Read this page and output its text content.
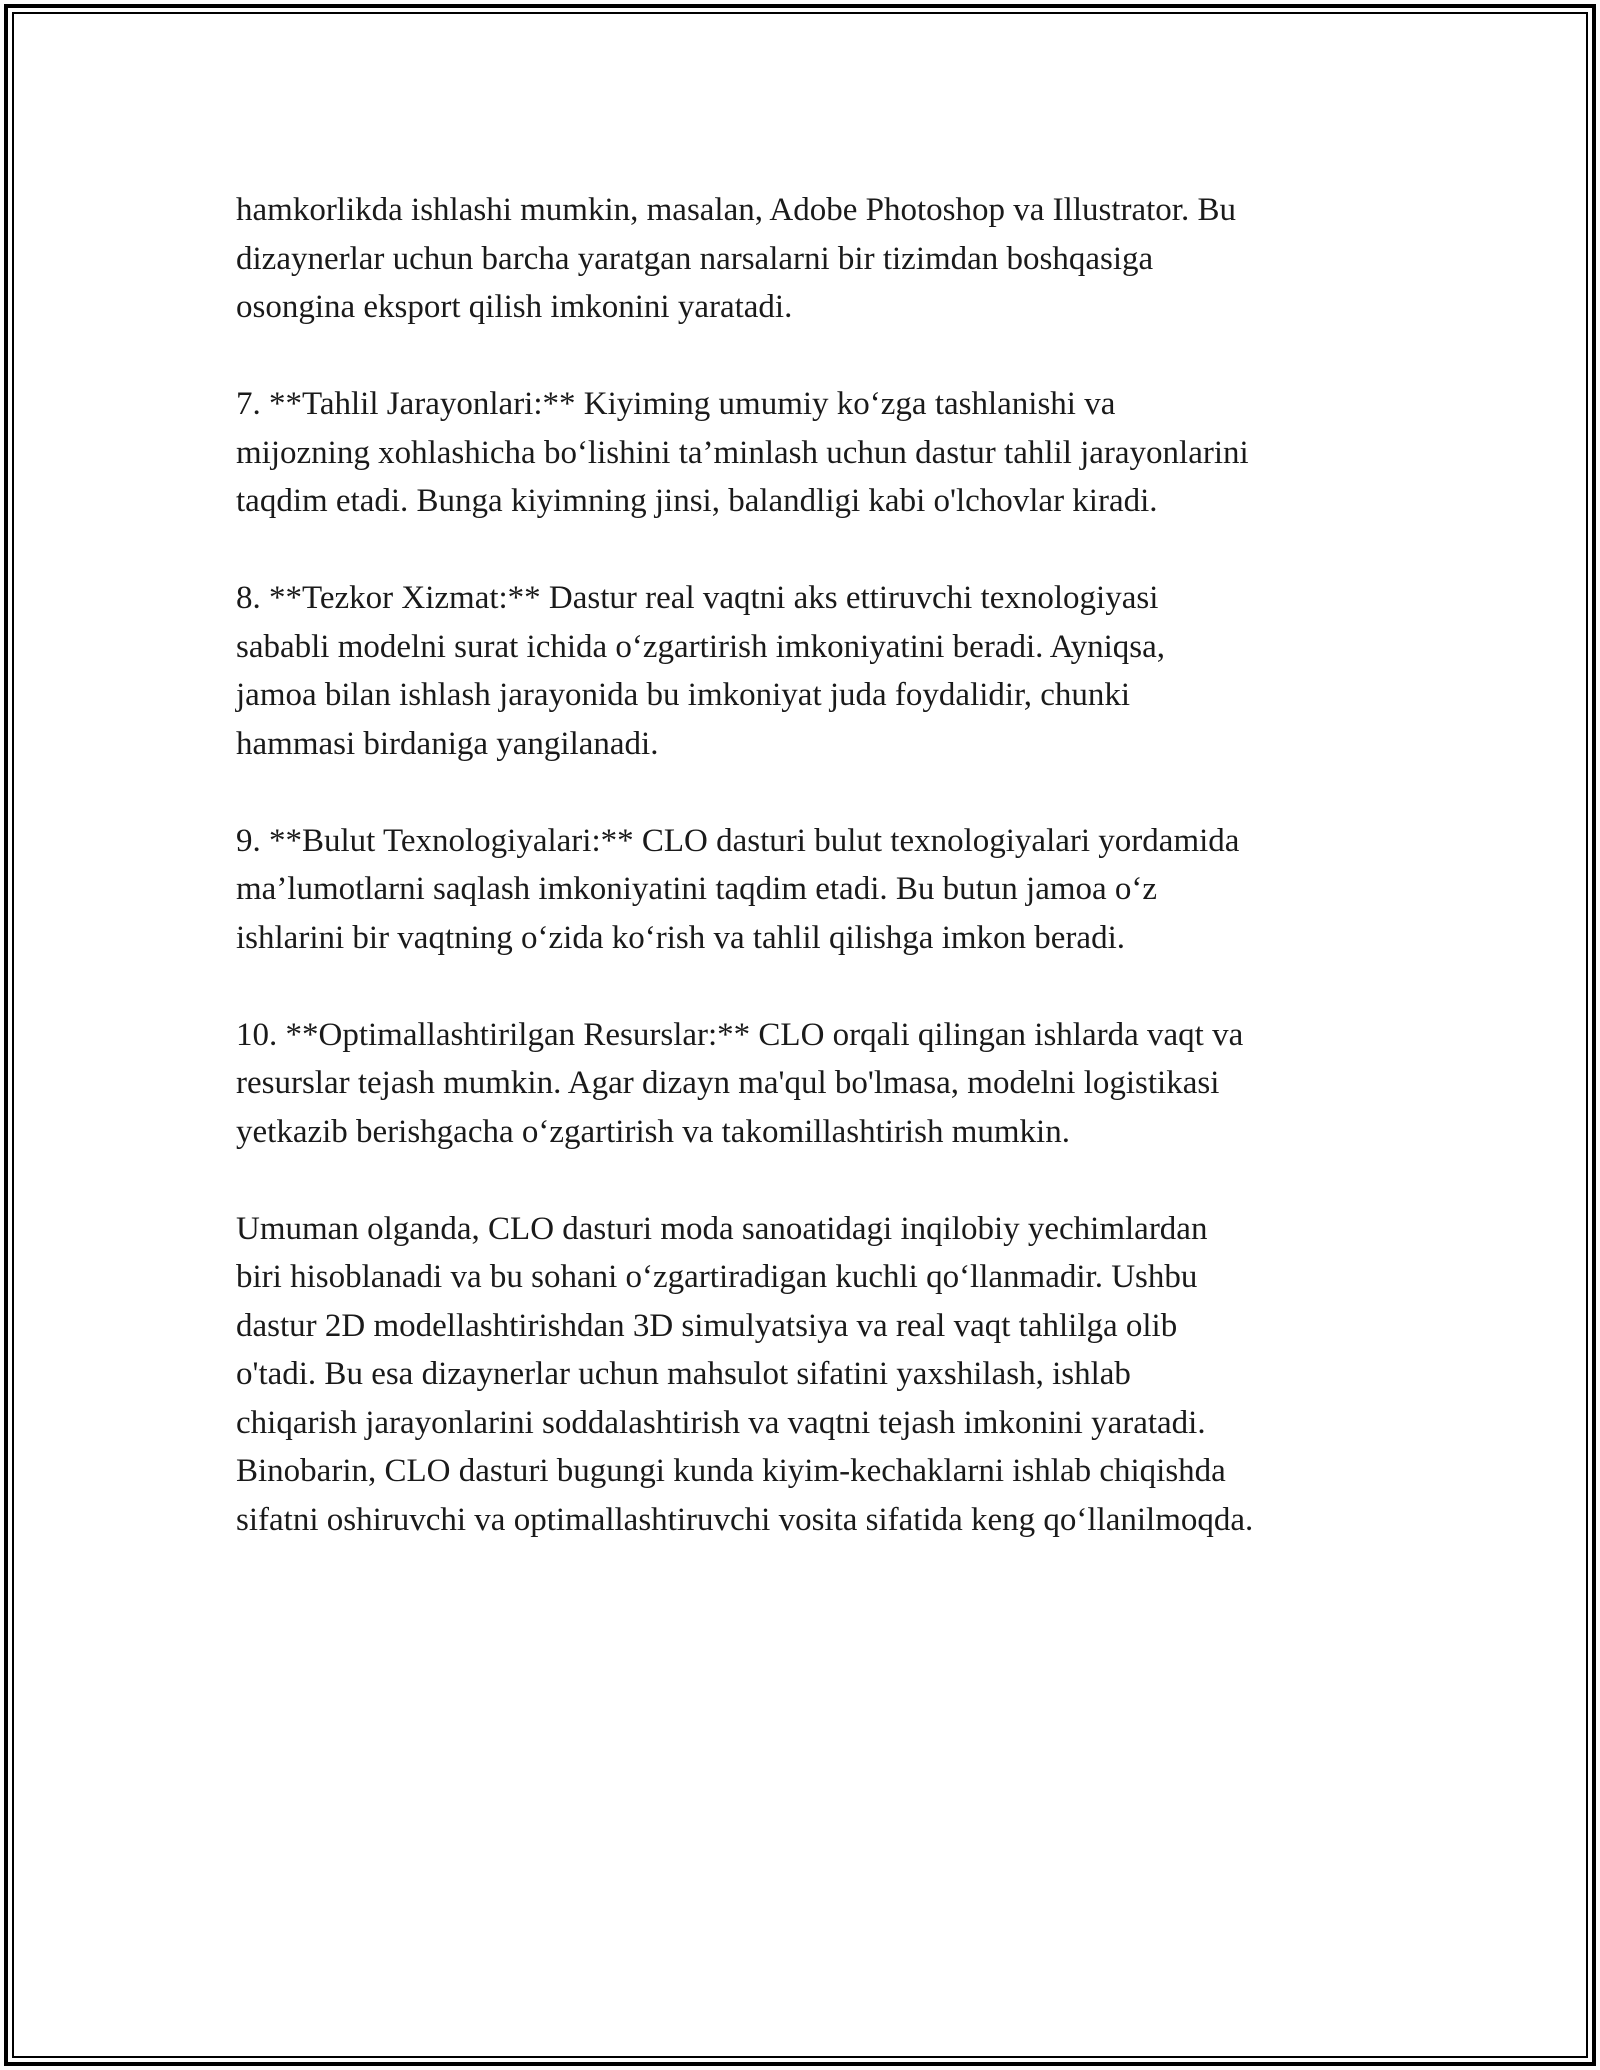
hamkorlikda ishlashi mumkin, masalan, Adobe Photoshop va Illustrator. Bu
dizaynerlar uchun barcha yaratgan narsalarni bir tizimdan boshqasiga
osongina eksport qilish imkonini yaratadi.

7. **Tahlil Jarayonlari:** Kiyiming umumiy ko‘zga tashlanishi va
mijozning xohlashicha bo‘lishini ta’minlash uchun dastur tahlil jarayonlarini
taqdim etadi. Bunga kiyimning jinsi, balandligi kabi o'lchovlar kiradi.

8. **Tezkor Xizmat:** Dastur real vaqtni aks ettiruvchi texnologiyasi
sababli modelni surat ichida o‘zgartirish imkoniyatini beradi. Ayniqsa,
jamoa bilan ishlash jarayonida bu imkoniyat juda foydalidir, chunki
hammasi birdaniga yangilanadi.

9. **Bulut Texnologiyalari:** CLO dasturi bulut texnologiyalari yordamida
ma’lumotlarni saqlash imkoniyatini taqdim etadi. Bu butun jamoa o‘z
ishlarini bir vaqtning o‘zida ko‘rish va tahlil qilishga imkon beradi.

10. **Optimallashtirilgan Resurslar:** CLO orqali qilingan ishlarda vaqt va
resurslar tejash mumkin. Agar dizayn ma'qul bo'lmasa, modelni logistikasi
yetkazib berishgacha o‘zgartirish va takomillashtirish mumkin.

Umuman olganda, CLO dasturi moda sanoatidagi inqilobiy yechimlardan
biri hisoblanadi va bu sohani o‘zgartiradigan kuchli qo‘llanmadir. Ushbu
dastur 2D modellashtirishdan 3D simulyatsiya va real vaqt tahlilga olib
o'tadi. Bu esa dizaynerlar uchun mahsulot sifatini yaxshilash, ishlab
chiqarish jarayonlarini soddalashtirish va vaqtni tejash imkonini yaratadi.
Binobarin, CLO dasturi bugungi kunda kiyim-kechaklarni ishlab chiqishda
sifatni oshiruvchi va optimallashtiruvchi vosita sifatida keng qo‘llanilmoqda.
